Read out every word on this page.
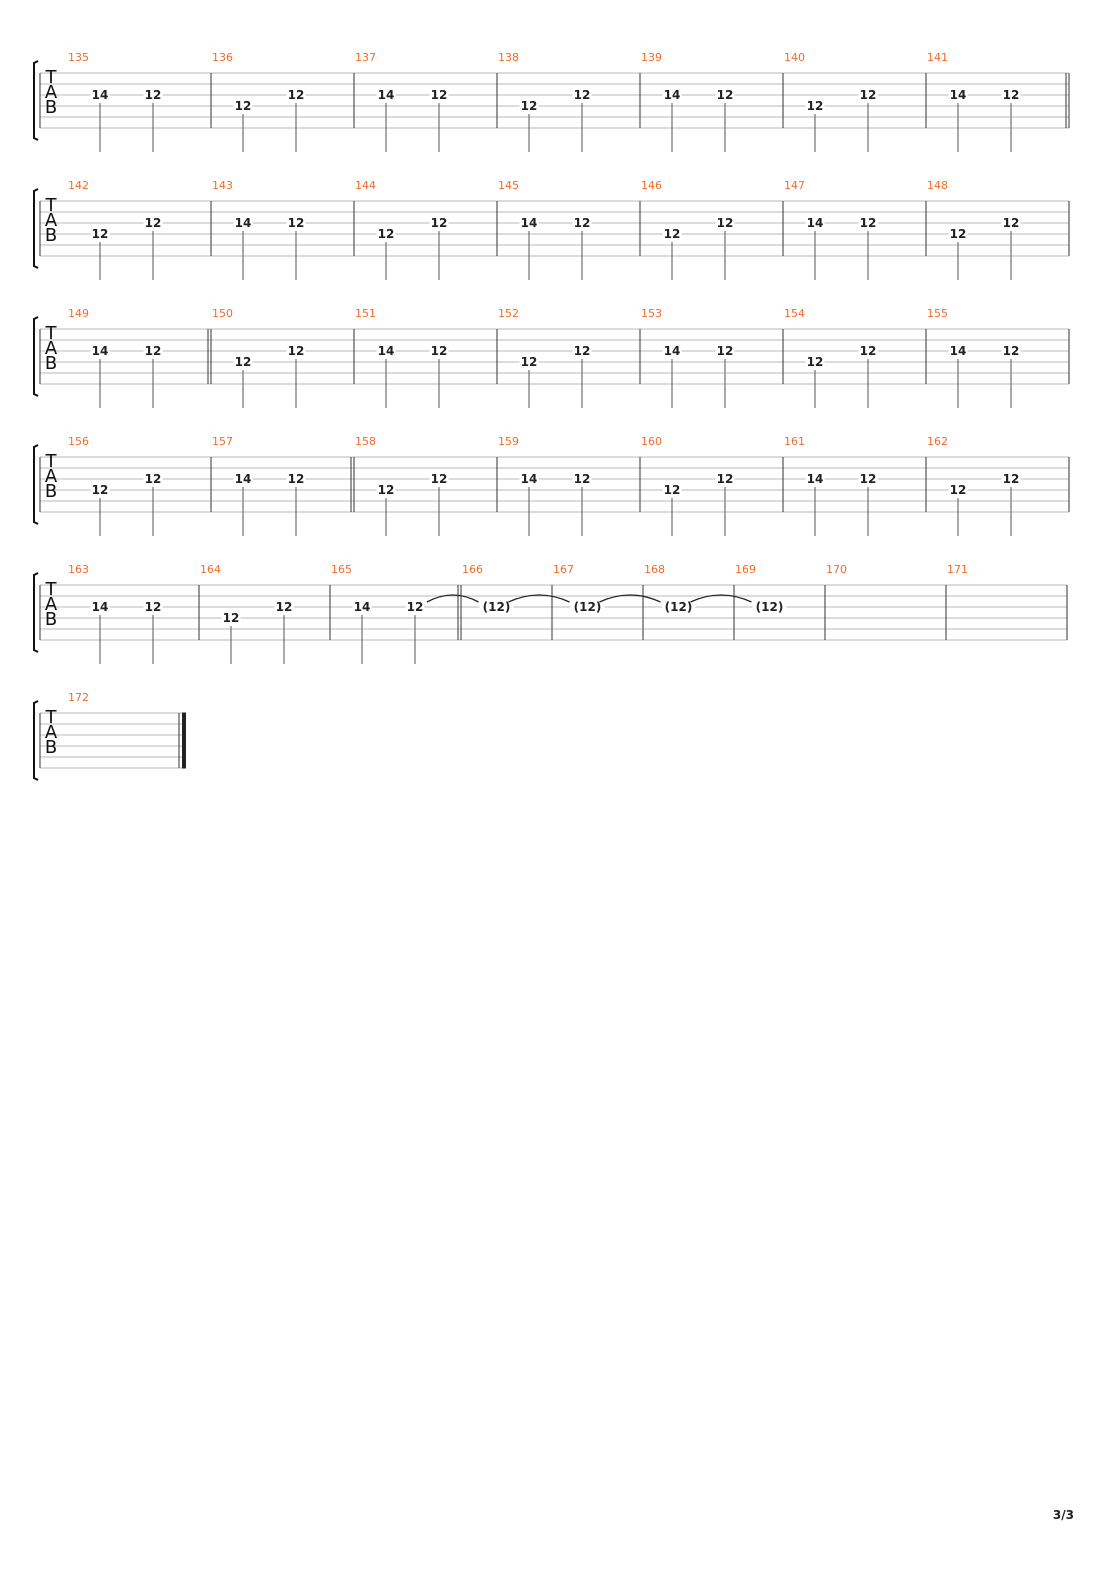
T
A
B
135
14	12
136
12
12
137
14	12
138
12
12
139
14	12
140
12
12
141
14	12
T
A
B
142
12
12
143
14	12
144
12
12
145
14	12
146
12
12
147
14	12
148
12
12
T
A
B
149
14	12
150
12
12
151
14	12
152
12
12
153
14	12
154
12
12
155
14	12
T
A
B
156
12
12
157
14	12
158
12
12
159
14	12
160
12
12
161
14	12
162
12
12
T
A
B
163
14	12
164
12
12
165
14	12
166
(12)
167
(12)
168
(12)
169
(12)
170	171
T
A
B
172
3/3
